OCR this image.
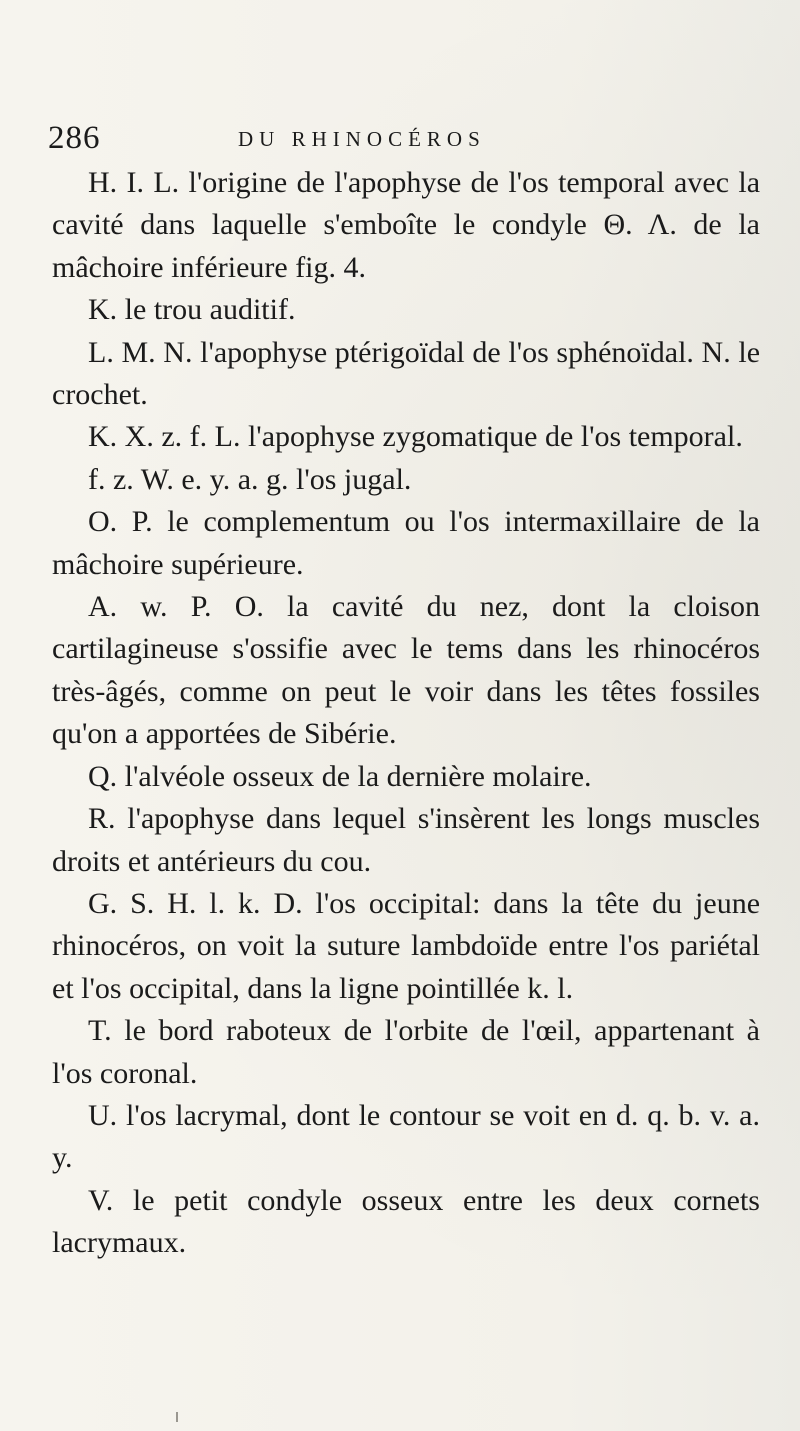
286	DU RHINOCÉROS

H. I. L. l'origine de l'apophyse de l'os temporal avec la cavité dans laquelle s'emboîte le condyle Θ. Λ. de la mâchoire inférieure fig. 4.

K. le trou auditif.

L. M. N. l'apophyse ptérigoïdal de l'os sphénoïdal. N. le crochet.

K. X. z. f. L. l'apophyse zygomatique de l'os temporal.

f. z. W. e. y. a. g. l'os jugal.

O. P. le complementum ou l'os intermaxillaire de la mâchoire supérieure.

A. w. P. O. la cavité du nez, dont la cloison cartilagineuse s'ossifie avec le tems dans les rhinocéros très-âgés, comme on peut le voir dans les têtes fossiles qu'on a apportées de Sibérie.

Q. l'alvéole osseux de la dernière molaire.

R. l'apophyse dans lequel s'insèrent les longs muscles droits et antérieurs du cou.

G. S. H. l. k. D. l'os occipital: dans la tête du jeune rhinocéros, on voit la suture lambdoïde entre l'os pariétal et l'os occipital, dans la ligne pointillée k. l.

T. le bord raboteux de l'orbite de l'œil, appartenant à l'os coronal.

U. l'os lacrymal, dont le contour se voit en d. q. b. v. a. y.

V. le petit condyle osseux entre les deux cornets lacrymaux.
